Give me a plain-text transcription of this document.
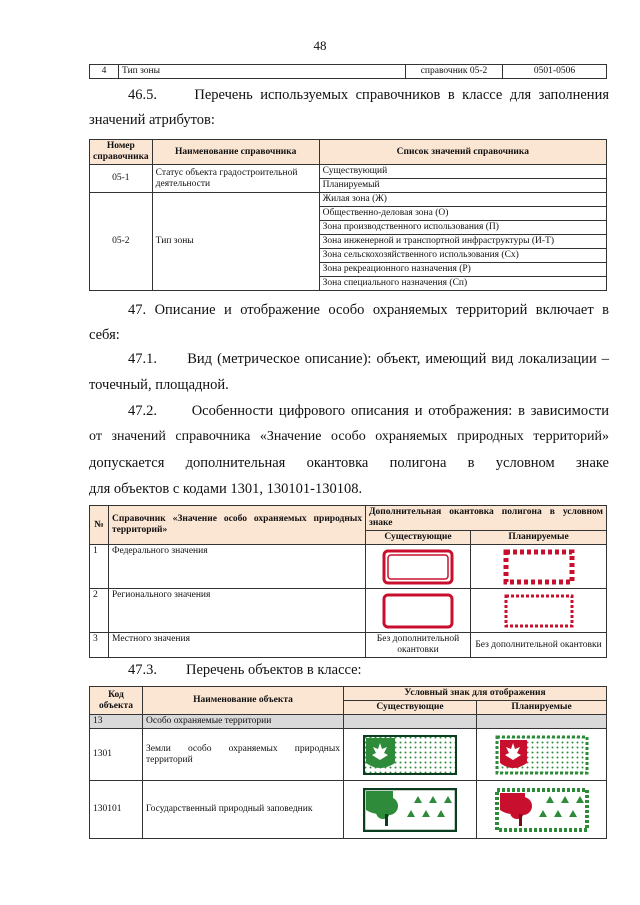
48
4	Тип зоны	справочник 05-2	0501-0506
46.5.	Перечень используемых справочников в классе для заполнения
значений атрибутов:
Номер справочника	Наименование справочника	Список значений справочника
05-1	Статус объекта градостроительной деятельности	Существующий
		Планируемый
05-2	Тип зоны	Жилая зона (Ж)
		Общественно-деловая зона (О)
		Зона производственного использования (П)
		Зона инженерной и транспортной инфраструктуры (И-Т)
		Зона сельскохозяйственного использования (Сх)
		Зона рекреационного назначения (Р)
		Зона специального назначения (Сп)
47. Описание и отображение особо охраняемых территорий включает в
себя:
47.1. Вид (метрическое описание): объект, имеющий вид локализации –
точечный, площадной.
47.2. Особенности цифрового описания и отображения: в зависимости
от значений справочника «Значение особо охраняемых природных территорий»
допускается дополнительная окантовка полигона в условном знаке
для объектов с кодами 1301, 130101-130108.
№	Справочник «Значение особо охраняемых природных территорий»	Дополнительная окантовка полигона в условном знаке	
		Существующие	Планируемые
1	Федерального значения	

2	Регионального значения	

3	Местного значения	Без дополнительной окантовки	Без дополнительной окантовки
47.3. Перечень объектов в классе:
Код объекта	Наименование объекта	Условный знак для отображения	
		Существующие	Планируемые
13	Особо охраняемые территории		
1301	Земли особо охраняемых природных территорий	

130101	Государственный природный заповедник	
